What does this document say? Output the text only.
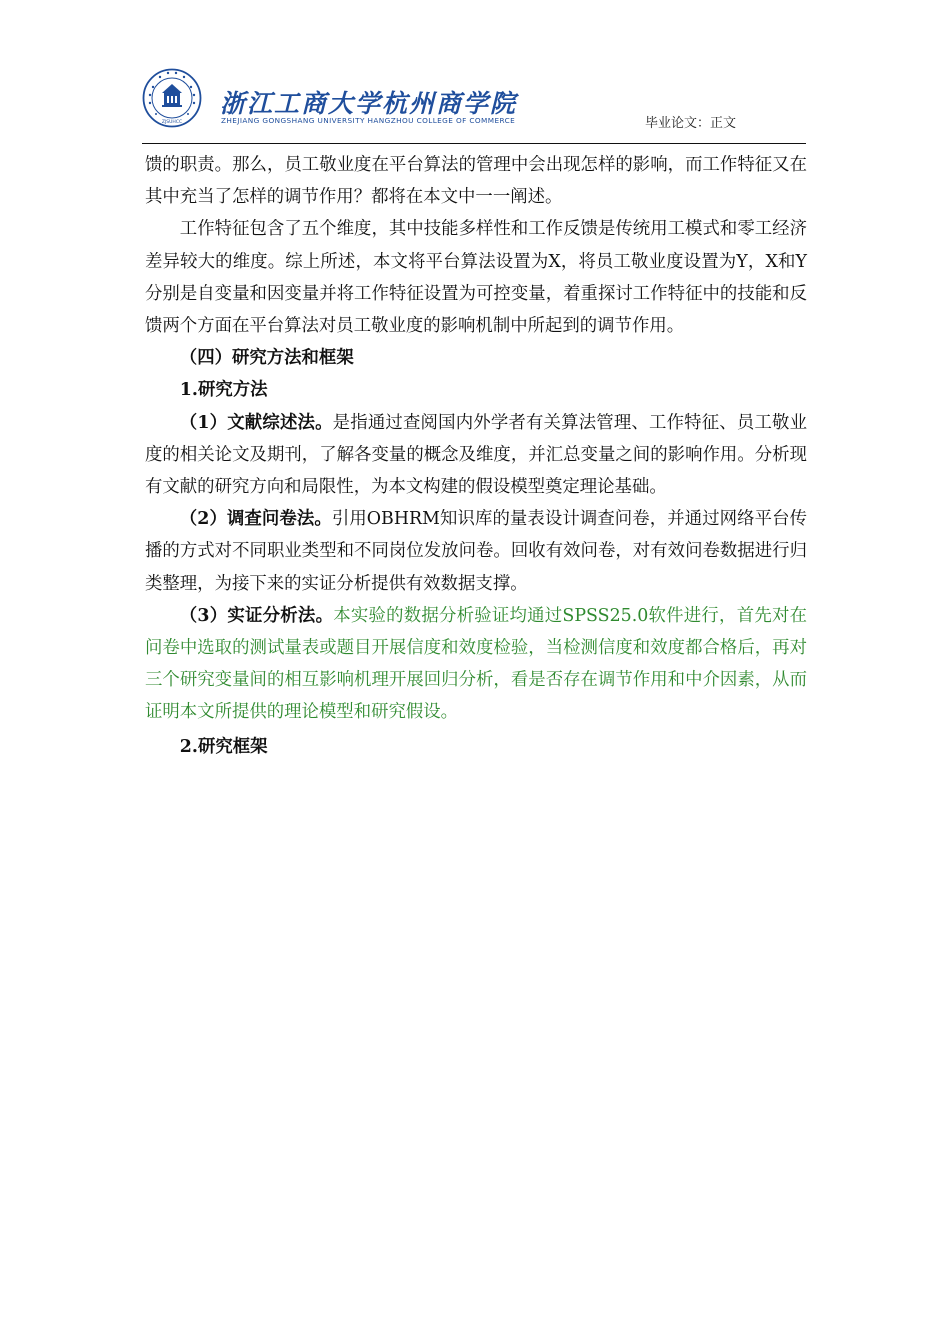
ZJSUHCC
浙江工商大学杭州商学院
ZHEJIANG GONGSHANG UNIVERSITY HANGZHOU COLLEGE OF COMMERCE	毕业论文：正文

馈的职责。那么，员工敬业度在平台算法的管理中会出现怎样的影响，而工作特征又在其中充当了怎样的调节作用？都将在本文中一一阐述。

工作特征包含了五个维度，其中技能多样性和工作反馈是传统用工模式和零工经济差异较大的维度。综上所述，本文将平台算法设置为X，将员工敬业度设置为Y，X和Y分别是自变量和因变量并将工作特征设置为可控变量，着重探讨工作特征中的技能和反馈两个方面在平台算法对员工敬业度的影响机制中所起到的调节作用。

（四）研究方法和框架

1.研究方法

（1）文献综述法。是指通过查阅国内外学者有关算法管理、工作特征、员工敬业度的相关论文及期刊，了解各变量的概念及维度，并汇总变量之间的影响作用。分析现有文献的研究方向和局限性，为本文构建的假设模型奠定理论基础。

（2）调查问卷法。引用OBHRM知识库的量表设计调查问卷，并通过网络平台传播的方式对不同职业类型和不同岗位发放问卷。回收有效问卷，对有效问卷数据进行归类整理，为接下来的实证分析提供有效数据支撑。

（3）实证分析法。本实验的数据分析验证均通过SPSS25.0软件进行，首先对在问卷中选取的测试量表或题目开展信度和效度检验，当检测信度和效度都合格后，再对三个研究变量间的相互影响机理开展回归分析，看是否存在调节作用和中介因素，从而证明本文所提供的理论模型和研究假设。

2.研究框架
